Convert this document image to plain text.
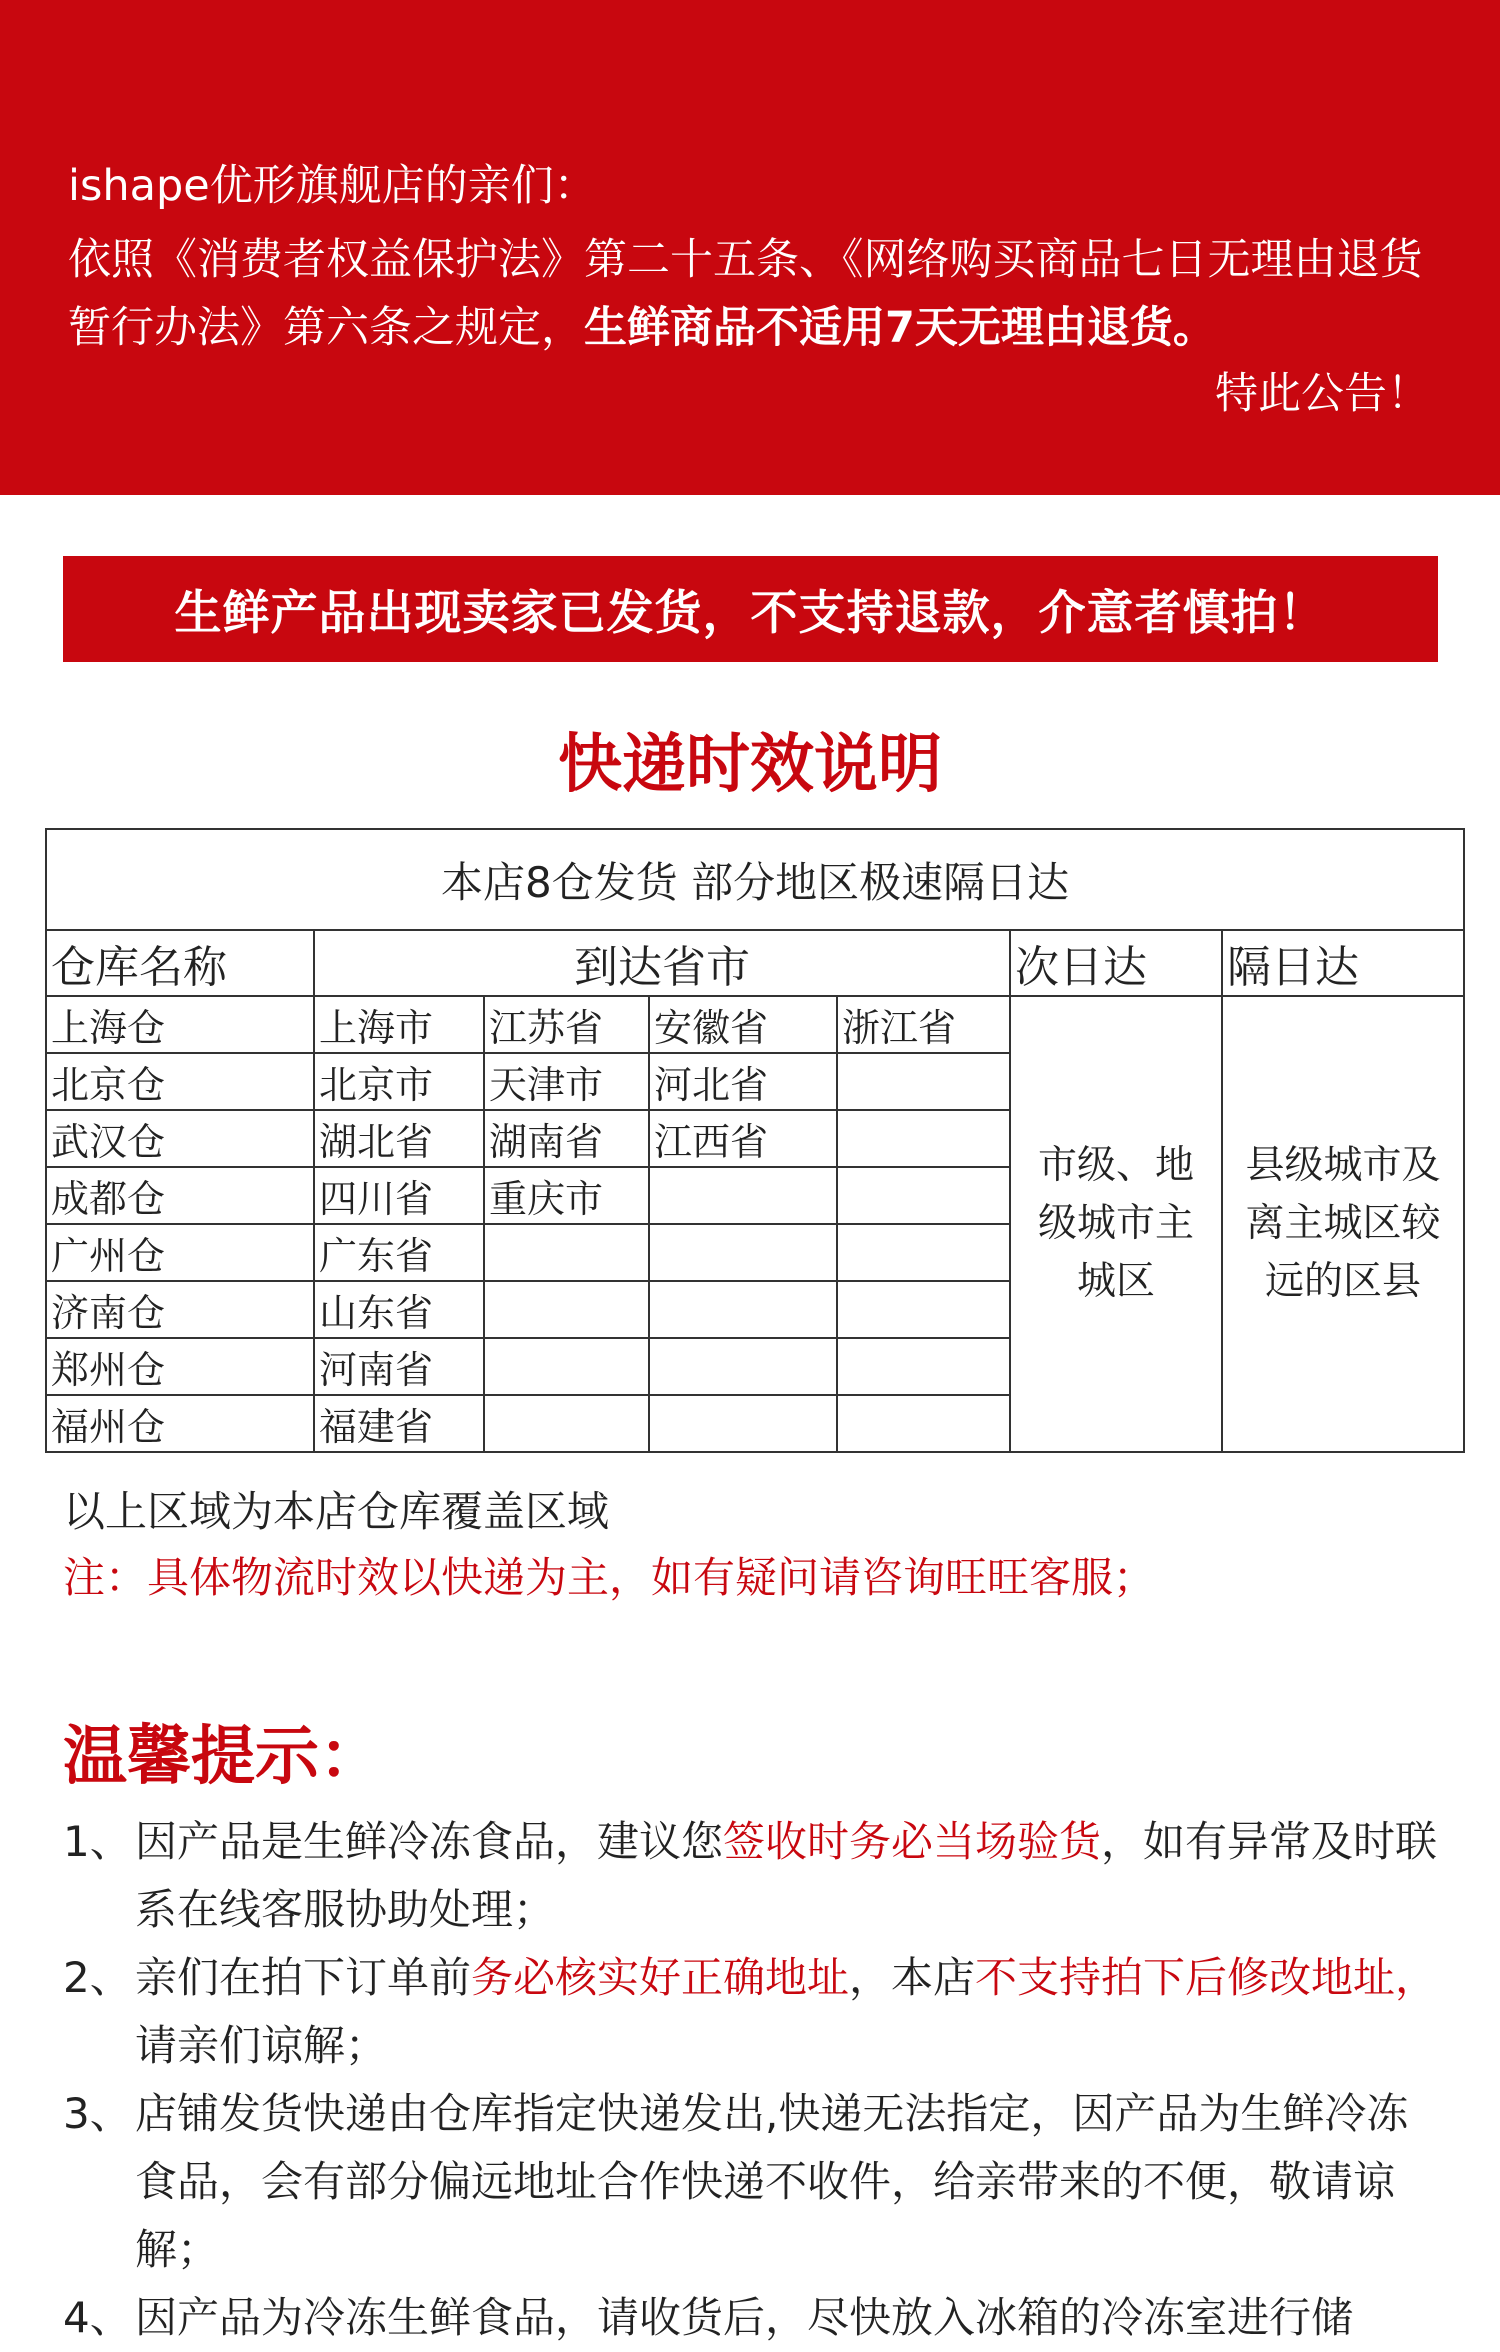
ishape优形旗舰店的亲们：
依照《消费者权益保护法》第二十五条、《网络购买商品七日无理由退货暂行办法》第六条之规定，生鲜商品不适用7天无理由退货。
特此公告！
生鲜产品出现卖家已发货，不支持退款，介意者慎拍！
快递时效说明
本店8仓发货 部分地区极速隔日达						
仓库名称	到达省市				次日达	隔日达
上海仓	上海市	江苏省	安徽省	浙江省	市级、地级城市主城区	县级城市及离主城区较远的区县
北京仓	北京市	天津市	河北省			
武汉仓	湖北省	湖南省	江西省			
成都仓	四川省	重庆市				
广州仓	广东省					
济南仓	山东省					
郑州仓	河南省					
福州仓	福建省					
以上区域为本店仓库覆盖区域
注：具体物流时效以快递为主，如有疑问请咨询旺旺客服；
温馨提示：
1、 因产品是生鲜冷冻食品，建议您签收时务必当场验货，如有异常及时联系在线客服协助处理；
2、 亲们在拍下订单前务必核实好正确地址，本店不支持拍下后修改地址， 请亲们谅解；
3、 店铺发货快递由仓库指定快递发出,快递无法指定，因产品为生鲜冷冻食品，会有部分偏远地址合作快递不收件，给亲带来的不便，敬请谅解；
4、 因产品为冷冻生鲜食品，请收货后，尽快放入冰箱的冷冻室进行储
